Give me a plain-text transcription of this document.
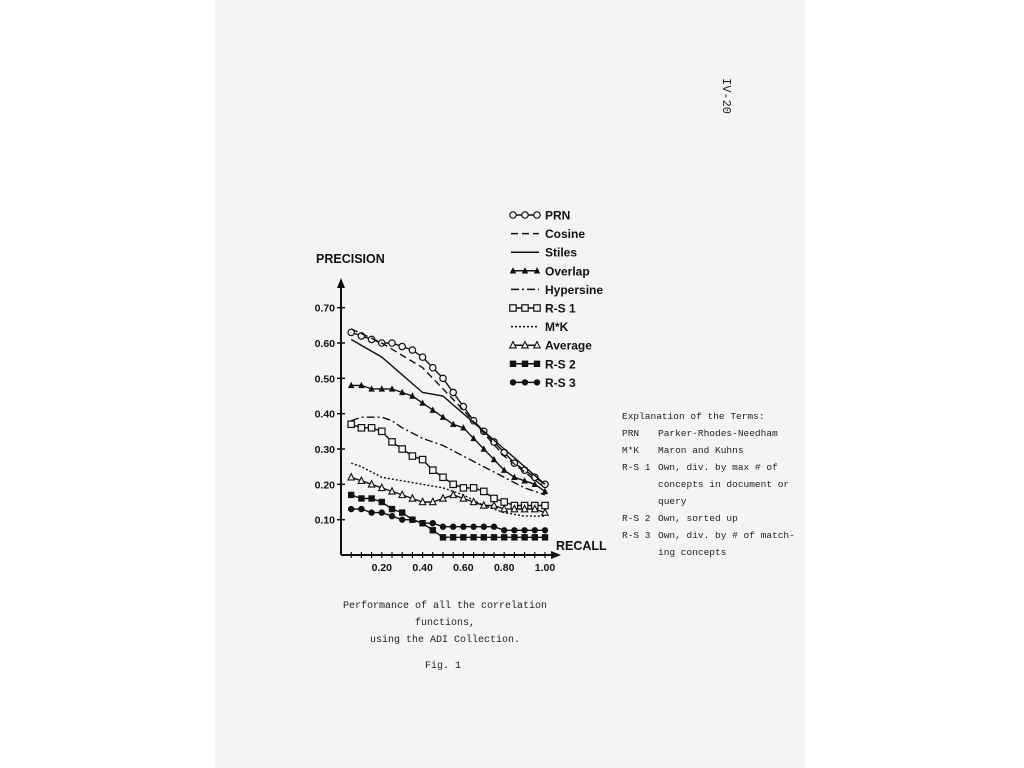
IV-20
0.10
0.20
0.30
0.40
0.50
0.60
0.70
0.20 0.40 0.60 0.80 1.00
PRN
Cosine
Stiles
Overlap
Hypersine
R-S 1
M*K
Average
R-S 2
R-S 3
PRECISION
RECALL
Explanation of the Terms:
PRN	Parker-Rhodes-Needham
M*K	Maron and Kuhns
R-S 1 Own, div. by max # of
concepts in document or
query
R-S 2 Own, sorted up
R-S 3 Own, div. by # of match-
ing concepts
Performance of all the correlation functions,
using the ADI Collection.
Fig. 1
